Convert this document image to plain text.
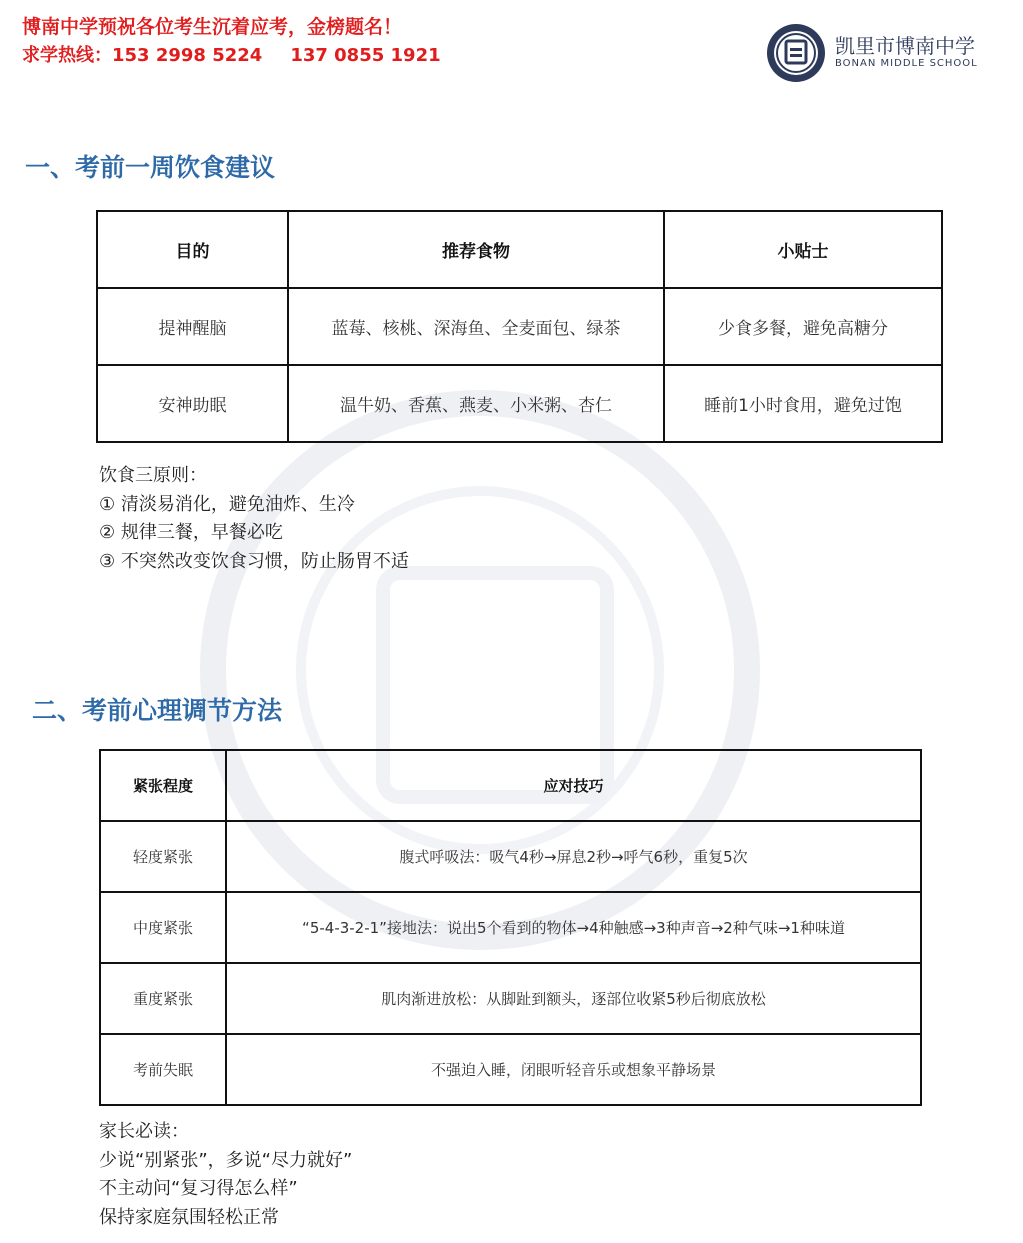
博南中学预祝各位考生沉着应考，金榜题名！
求学热线：153 2998 5224 137 0855 1921	凯里市博南中学
BONAN MIDDLE SCHOOL
一、考前一周饮食建议
目的	推荐食物	小贴士
提神醒脑	蓝莓、核桃、深海鱼、全麦面包、绿茶	少食多餐，避免高糖分
安神助眠	温牛奶、香蕉、燕麦、小米粥、杏仁	睡前1小时食用，避免过饱
饮食三原则：
① 清淡易消化，避免油炸、生冷
② 规律三餐，早餐必吃
③ 不突然改变饮食习惯，防止肠胃不适
二、考前心理调节方法
紧张程度	应对技巧
轻度紧张	腹式呼吸法：吸气4秒→屏息2秒→呼气6秒，重复5次
中度紧张	“5-4-3-2-1”接地法：说出5个看到的物体→4种触感→3种声音→2种气味→1种味道
重度紧张	肌肉渐进放松：从脚趾到额头，逐部位收紧5秒后彻底放松
考前失眠	不强迫入睡，闭眼听轻音乐或想象平静场景
家长必读：
少说“别紧张”，多说“尽力就好”
不主动问“复习得怎么样”
保持家庭氛围轻松正常
